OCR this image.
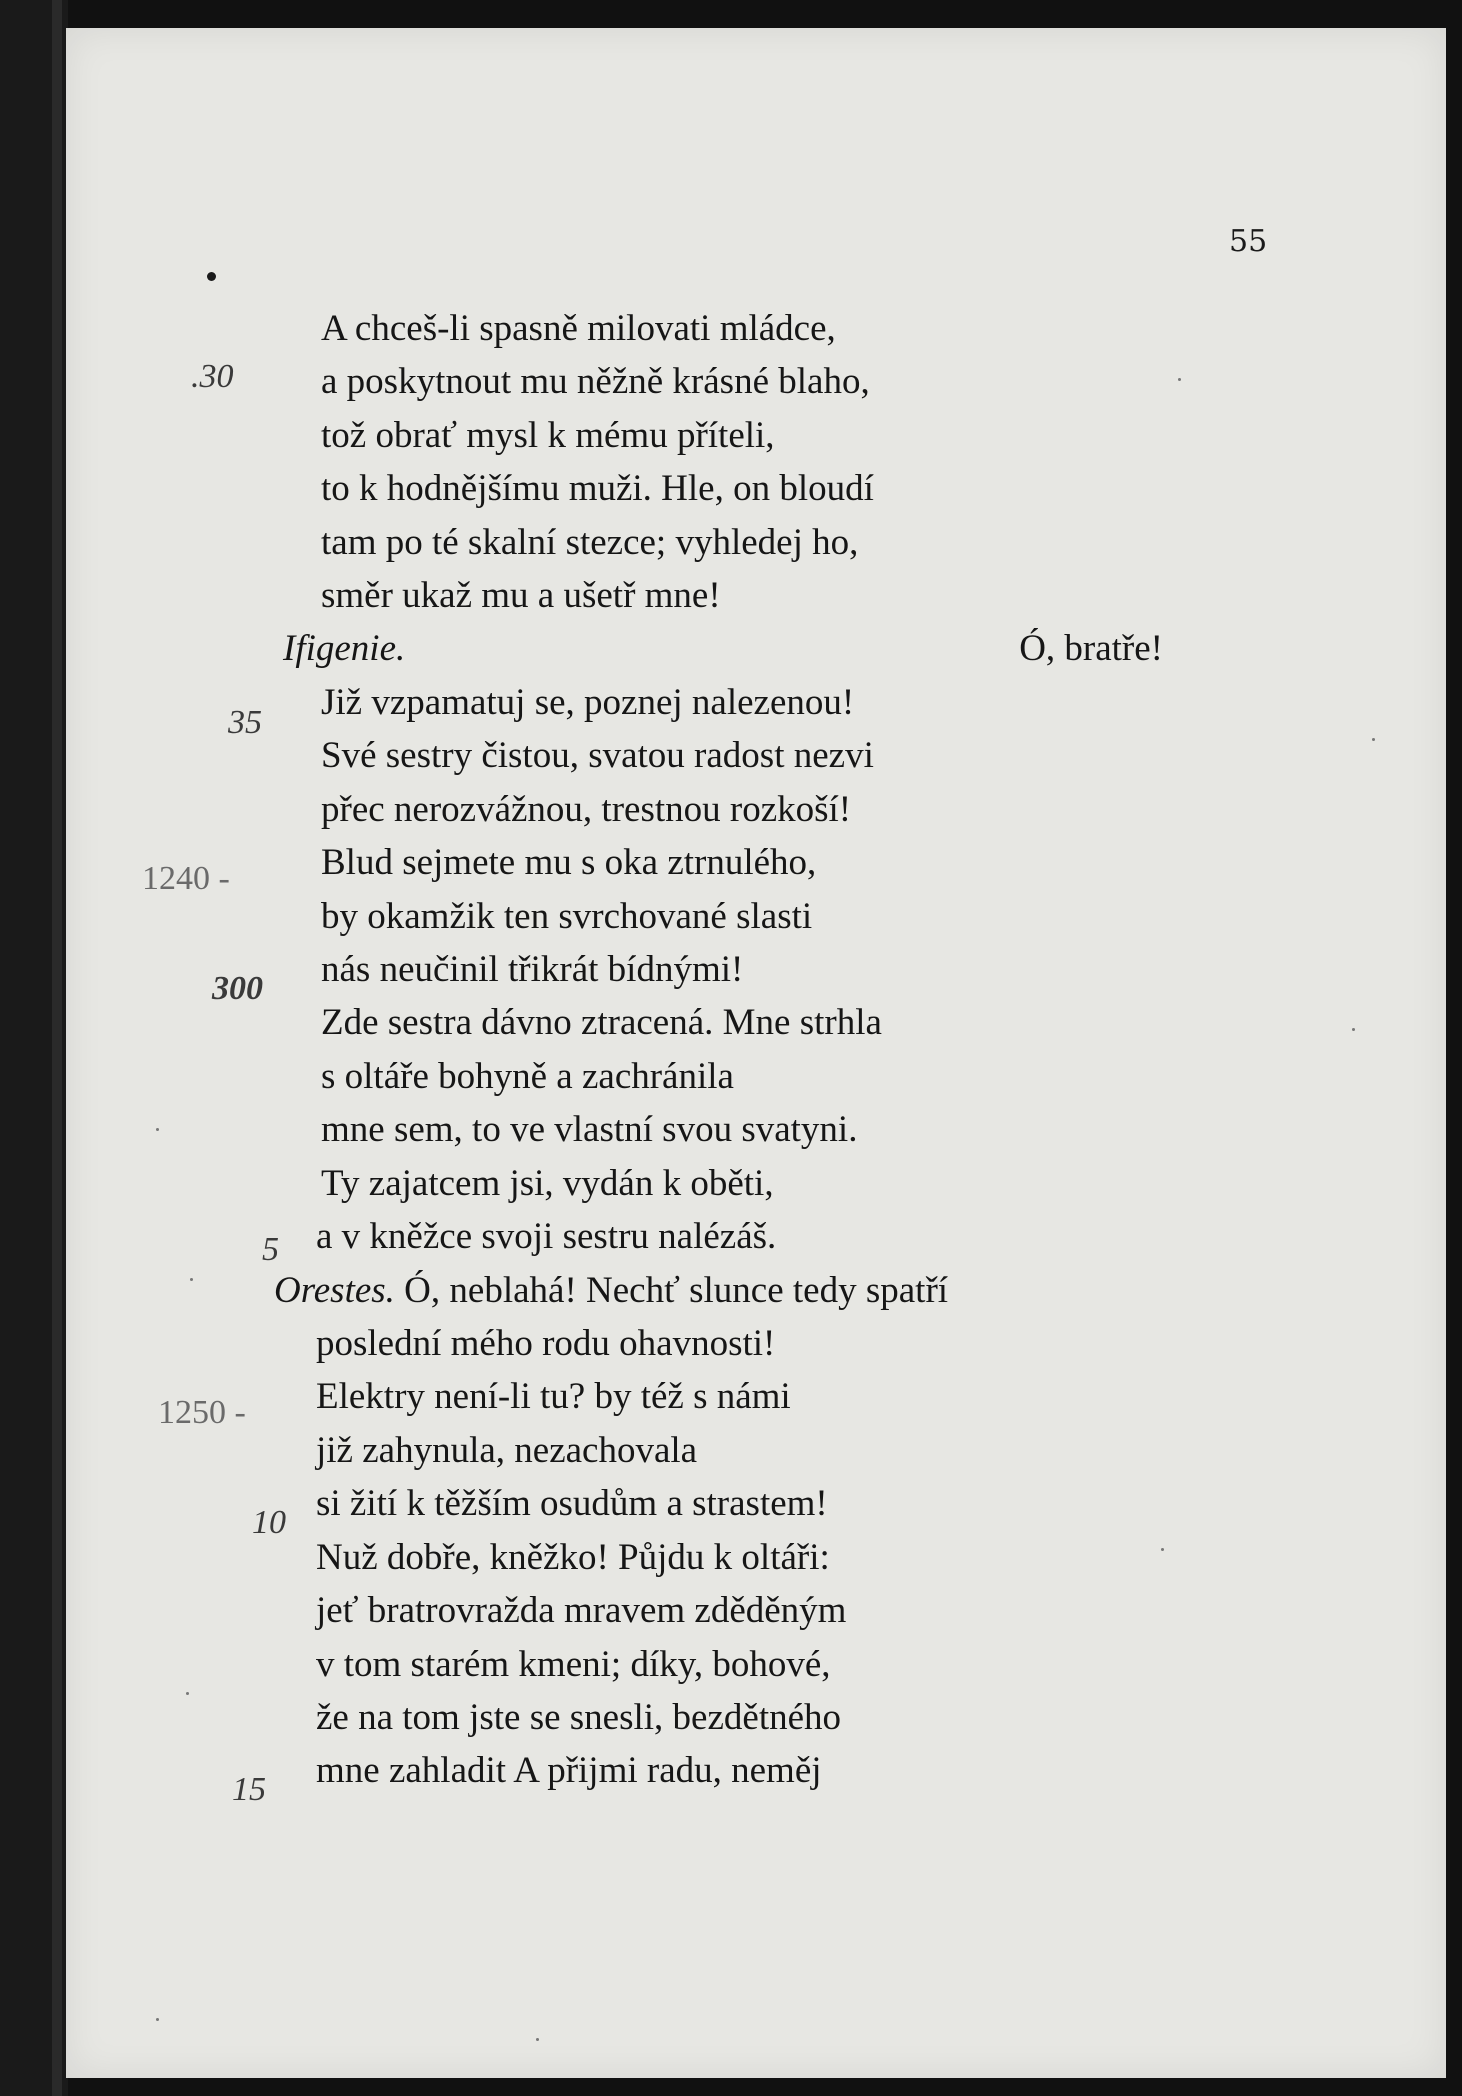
55
.30
35
1240 -
300
5
1250 -
10
15
A chceš-li spasně milovati mládce,
a poskytnout mu něžně krásné blaho,
tož obrať mysl k mému příteli,
to k hodnějšímu muži. Hle, on bloudí
tam po té skalní stezce; vyhledej ho,
směr ukaž mu a ušetř mne!
Ifigenie.	Ó, bratře!
Již vzpamatuj se, poznej nalezenou!
Své sestry čistou, svatou radost nezvi
přec nerozvážnou, trestnou rozkoší!
Blud sejmete mu s oka ztrnulého,
by okamžik ten svrchované slasti
nás neučinil třikrát bídnými!
Zde sestra dávno ztracená. Mne strhla
s oltáře bohyně a zachránila
mne sem, to ve vlastní svou svatyni.
Ty zajatcem jsi, vydán k oběti,
a v kněžce svoji sestru nalézáš.
Orestes. Ó, neblahá! Nechť slunce tedy spatří
poslední mého rodu ohavnosti!
Elektry není-li tu? by též s námi
již zahynula, nezachovala
si žití k těžším osudům a strastem!
Nuž dobře, kněžko! Půjdu k oltáři:
jeť bratrovražda mravem zděděným
v tom starém kmeni; díky, bohové,
že na tom jste se snesli, bezdětného
mne zahladit A přijmi radu, neměj
